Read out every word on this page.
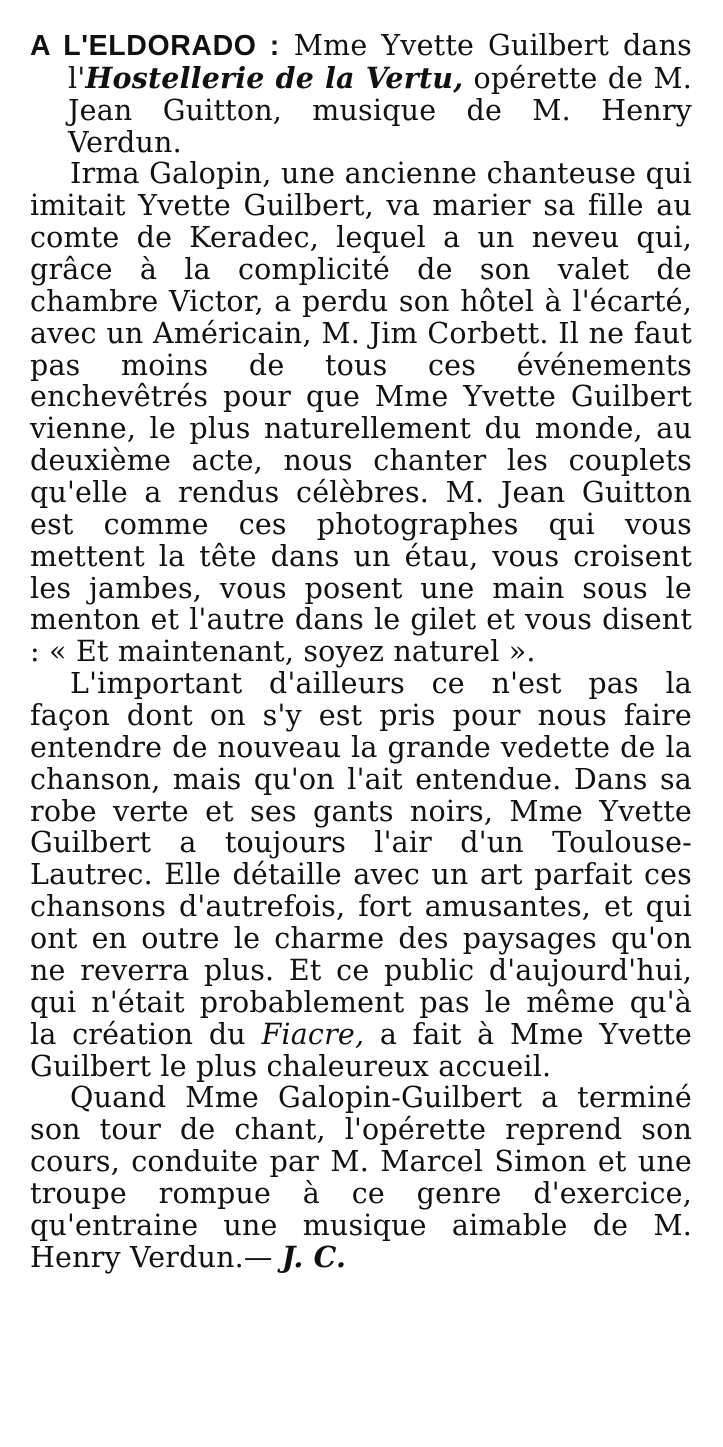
A L'ELDORADO : Mme Yvette Guilbert dans l'Hostellerie de la Vertu, opérette de M. Jean Guitton, musique de M. Henry Verdun.

Irma Galopin, une ancienne chanteuse qui imitait Yvette Guilbert, va marier sa fille au comte de Keradec, lequel a un neveu qui, grâce à la complicité de son valet de chambre Victor, a perdu son hôtel à l'écarté, avec un Américain, M. Jim Corbett. Il ne faut pas moins de tous ces événements enchevêtrés pour que Mme Yvette Guilbert vienne, le plus naturellement du monde, au deuxième acte, nous chanter les couplets qu'elle a rendus célèbres. M. Jean Guitton est comme ces photographes qui vous mettent la tête dans un étau, vous croisent les jambes, vous posent une main sous le menton et l'autre dans le gilet et vous disent : « Et maintenant, soyez naturel ».

L'important d'ailleurs ce n'est pas la façon dont on s'y est pris pour nous faire entendre de nouveau la grande vedette de la chanson, mais qu'on l'ait entendue. Dans sa robe verte et ses gants noirs, Mme Yvette Guilbert a toujours l'air d'un Toulouse-Lautrec. Elle détaille avec un art parfait ces chansons d'autrefois, fort amusantes, et qui ont en outre le charme des paysages qu'on ne reverra plus. Et ce public d'aujourd'hui, qui n'était probablement pas le même qu'à la création du Fiacre, a fait à Mme Yvette Guilbert le plus chaleureux accueil.

Quand Mme Galopin-Guilbert a terminé son tour de chant, l'opérette reprend son cours, conduite par M. Marcel Simon et une troupe rompue à ce genre d'exercice, qu'entraine une musique aimable de M. Henry Verdun.— J. C.
